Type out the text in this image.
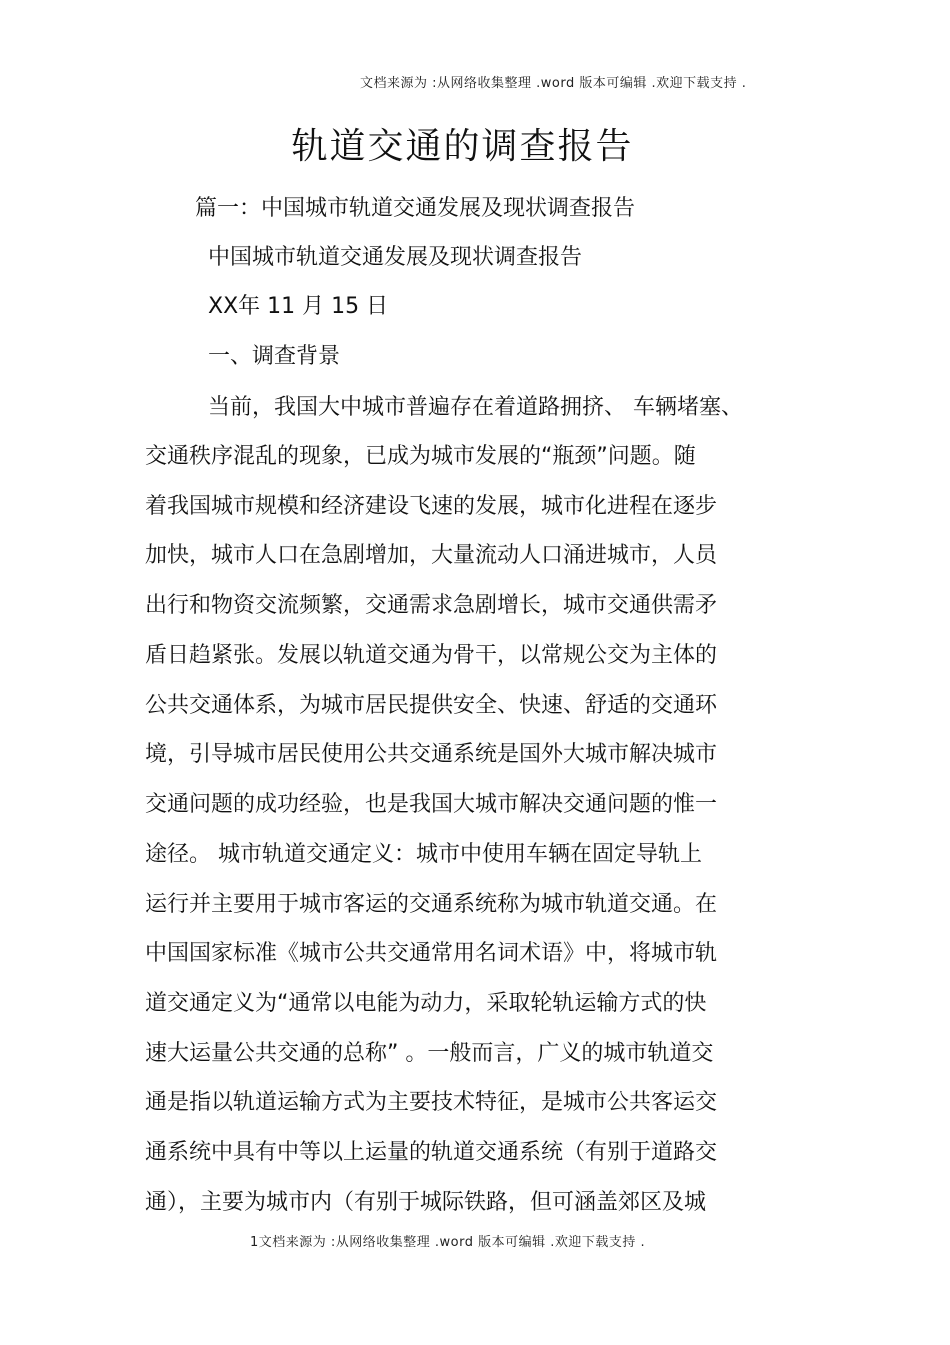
文档来源为 :从网络收集整理 .word 版本可编辑 .欢迎下载支持 .
轨道交通的调查报告
篇一：中国城市轨道交通发展及现状调查报告
中国城市轨道交通发展及现状调查报告
XX年 11 月 15 日
一、调查背景
当前，我国大中城市普遍存在着道路拥挤、 车辆堵塞、
交通秩序混乱的现象，已成为城市发展的“瓶颈”问题。随
着我国城市规模和经济建设飞速的发展，城市化进程在逐步
加快，城市人口在急剧增加，大量流动人口涌进城市，人员
出行和物资交流频繁，交通需求急剧增长，城市交通供需矛
盾日趋紧张。发展以轨道交通为骨干，以常规公交为主体的
公共交通体系，为城市居民提供安全、快速、舒适的交通环
境，引导城市居民使用公共交通系统是国外大城市解决城市
交通问题的成功经验，也是我国大城市解决交通问题的惟一
途径。 城市轨道交通定义：城市中使用车辆在固定导轨上
运行并主要用于城市客运的交通系统称为城市轨道交通。在
中国国家标准《城市公共交通常用名词术语》中，将城市轨
道交通定义为“通常以电能为动力，采取轮轨运输方式的快
速大运量公共交通的总称” 。一般而言，广义的城市轨道交
通是指以轨道运输方式为主要技术特征，是城市公共客运交
通系统中具有中等以上运量的轨道交通系统（有别于道路交
通），主要为城市内（有别于城际铁路，但可涵盖郊区及城
1文档来源为 :从网络收集整理 .word 版本可编辑 .欢迎下载支持 .
